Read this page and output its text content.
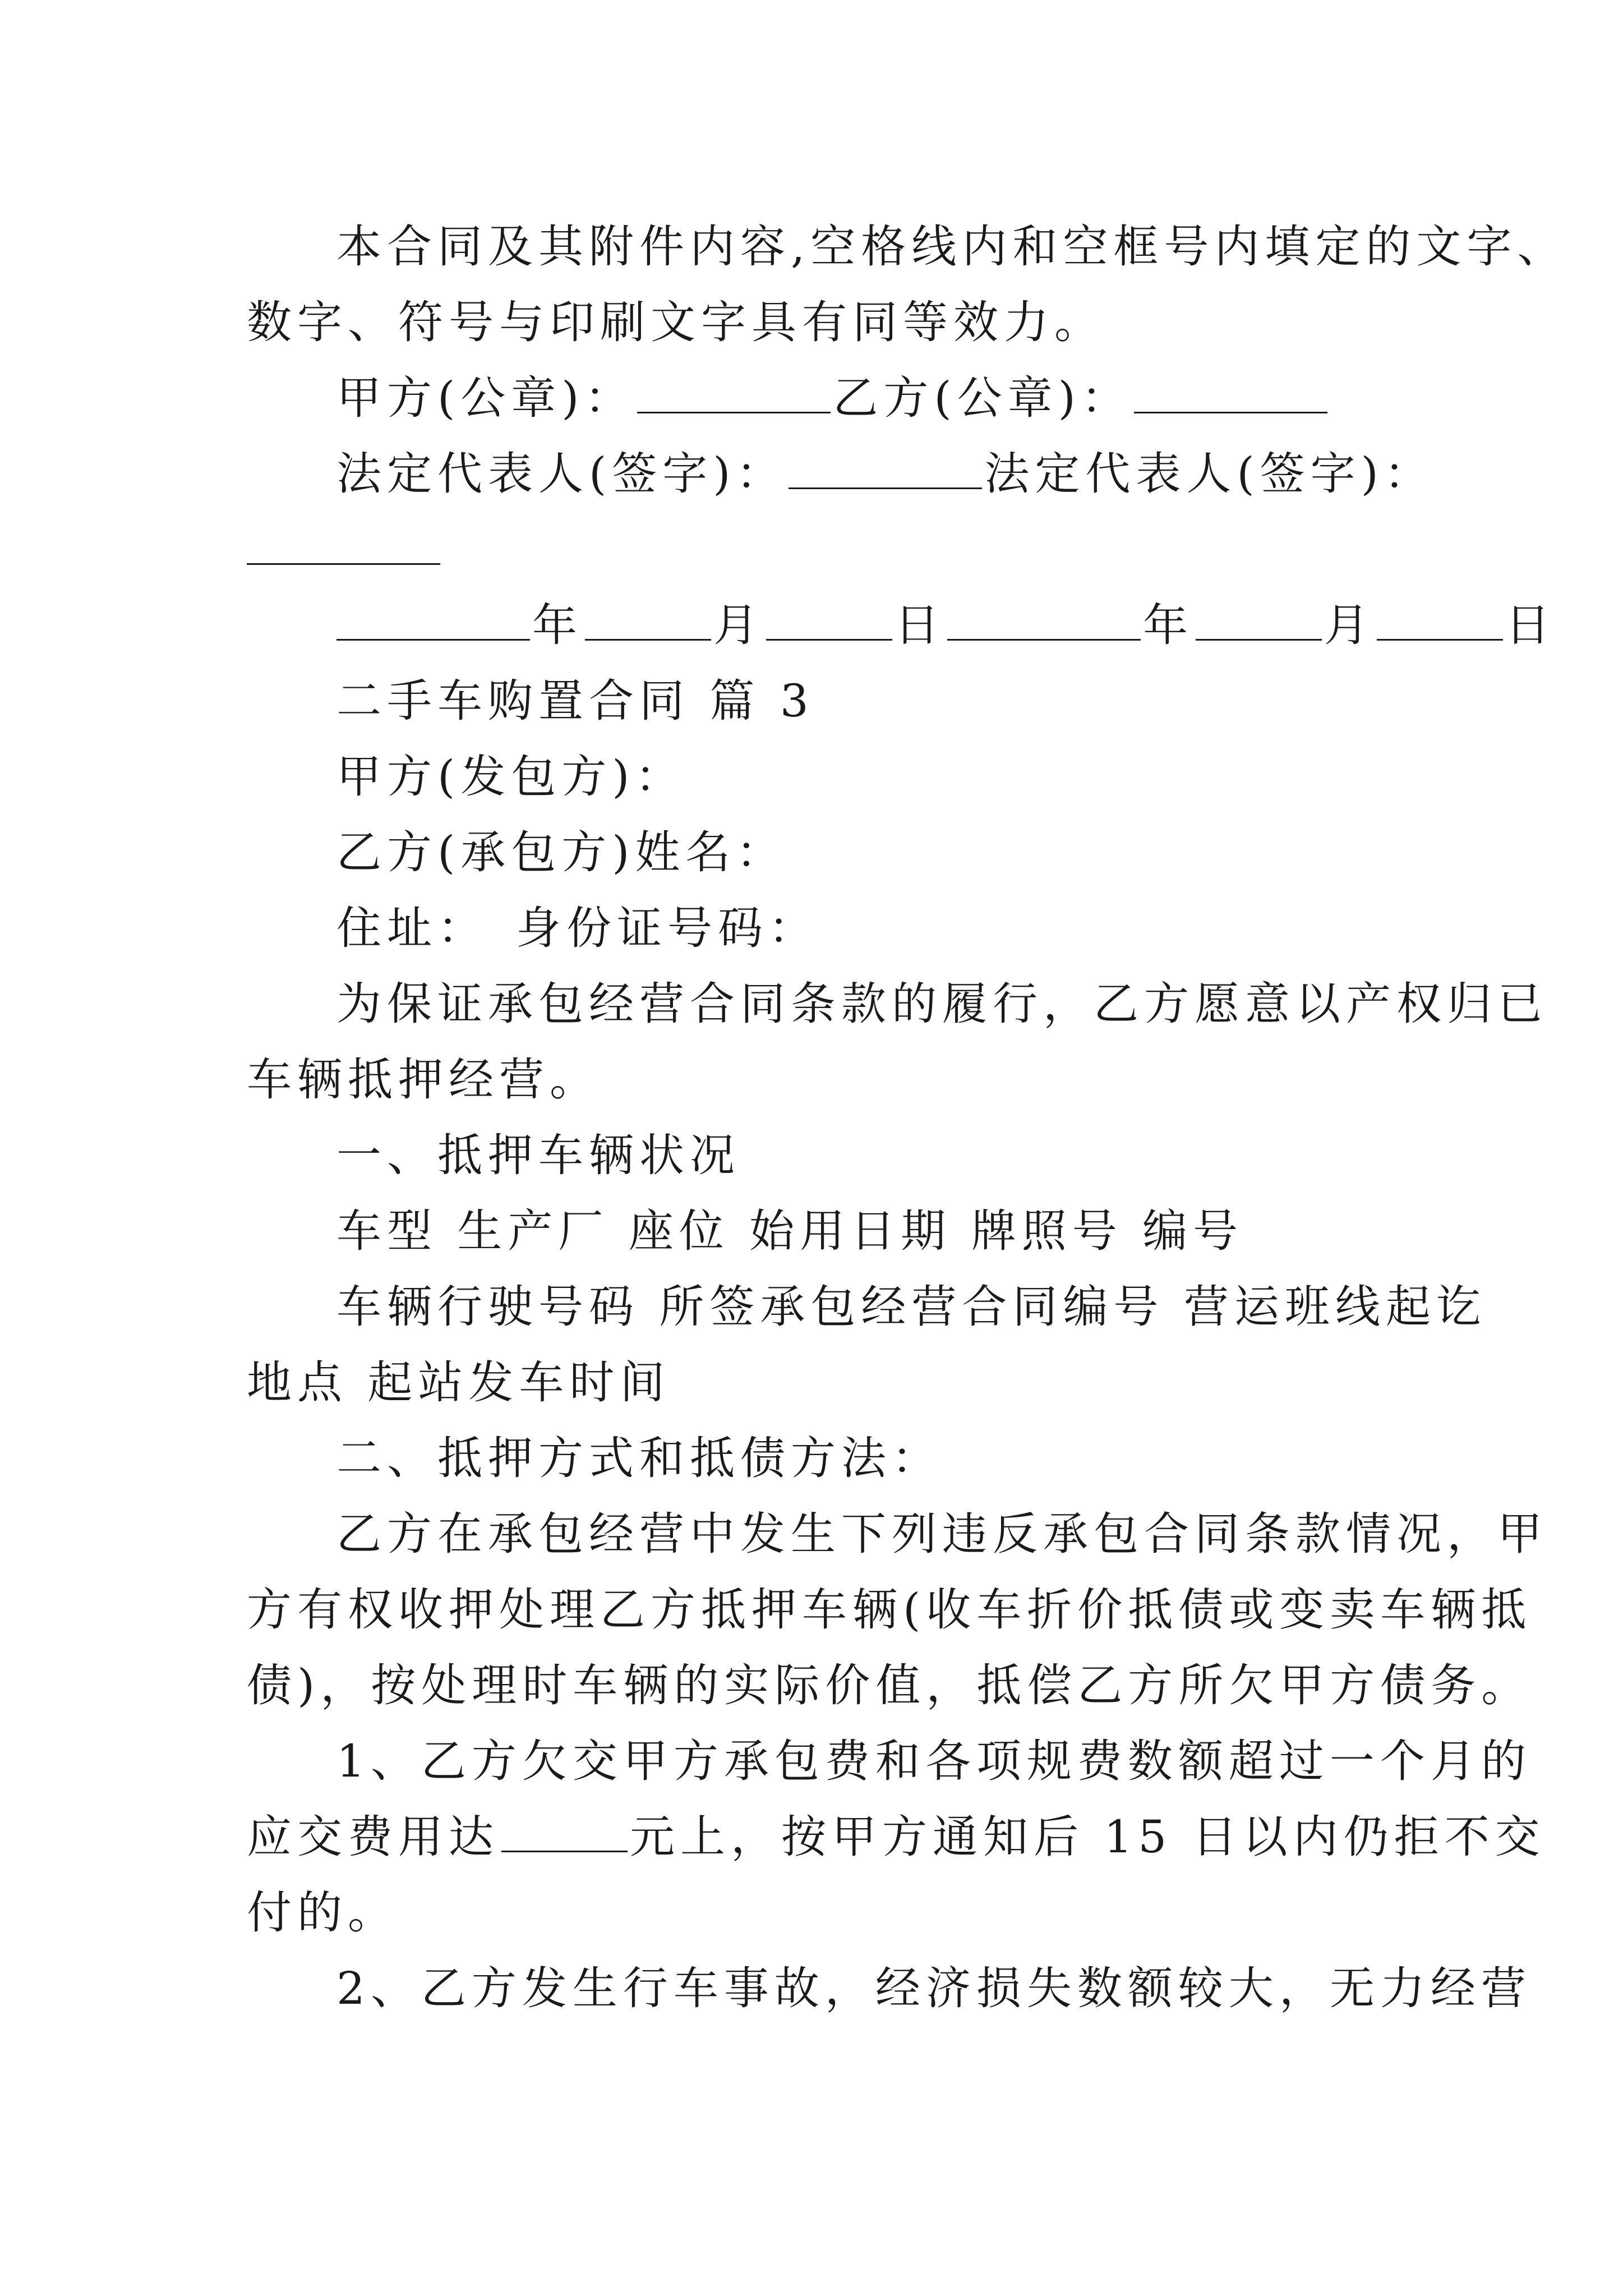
本合同及其附件内容,空格线内和空框号内填定的文字、
数字、符号与印刷文字具有同等效力。
甲方(公章)：	乙方(公章)：
法定代表人(签字)：	法定代表人(签字)：
年	月	日	年	月	日
二手车购置合同 篇 3
甲方(发包方)：
乙方(承包方)姓名：
住址： 身份证号码：
为保证承包经营合同条款的履行，乙方愿意以产权归已
车辆抵押经营。
一、抵押车辆状况
车型 生产厂 座位 始用日期 牌照号 编号
车辆行驶号码 所签承包经营合同编号 营运班线起讫
地点 起站发车时间
二、抵押方式和抵债方法：
乙方在承包经营中发生下列违反承包合同条款情况，甲
方有权收押处理乙方抵押车辆(收车折价抵债或变卖车辆抵
债)，按处理时车辆的实际价值，抵偿乙方所欠甲方债务。
1、乙方欠交甲方承包费和各项规费数额超过一个月的
应交费用达	元上，按甲方通知后 15 日以内仍拒不交
付的。
2、乙方发生行车事故，经济损失数额较大，无力经营
